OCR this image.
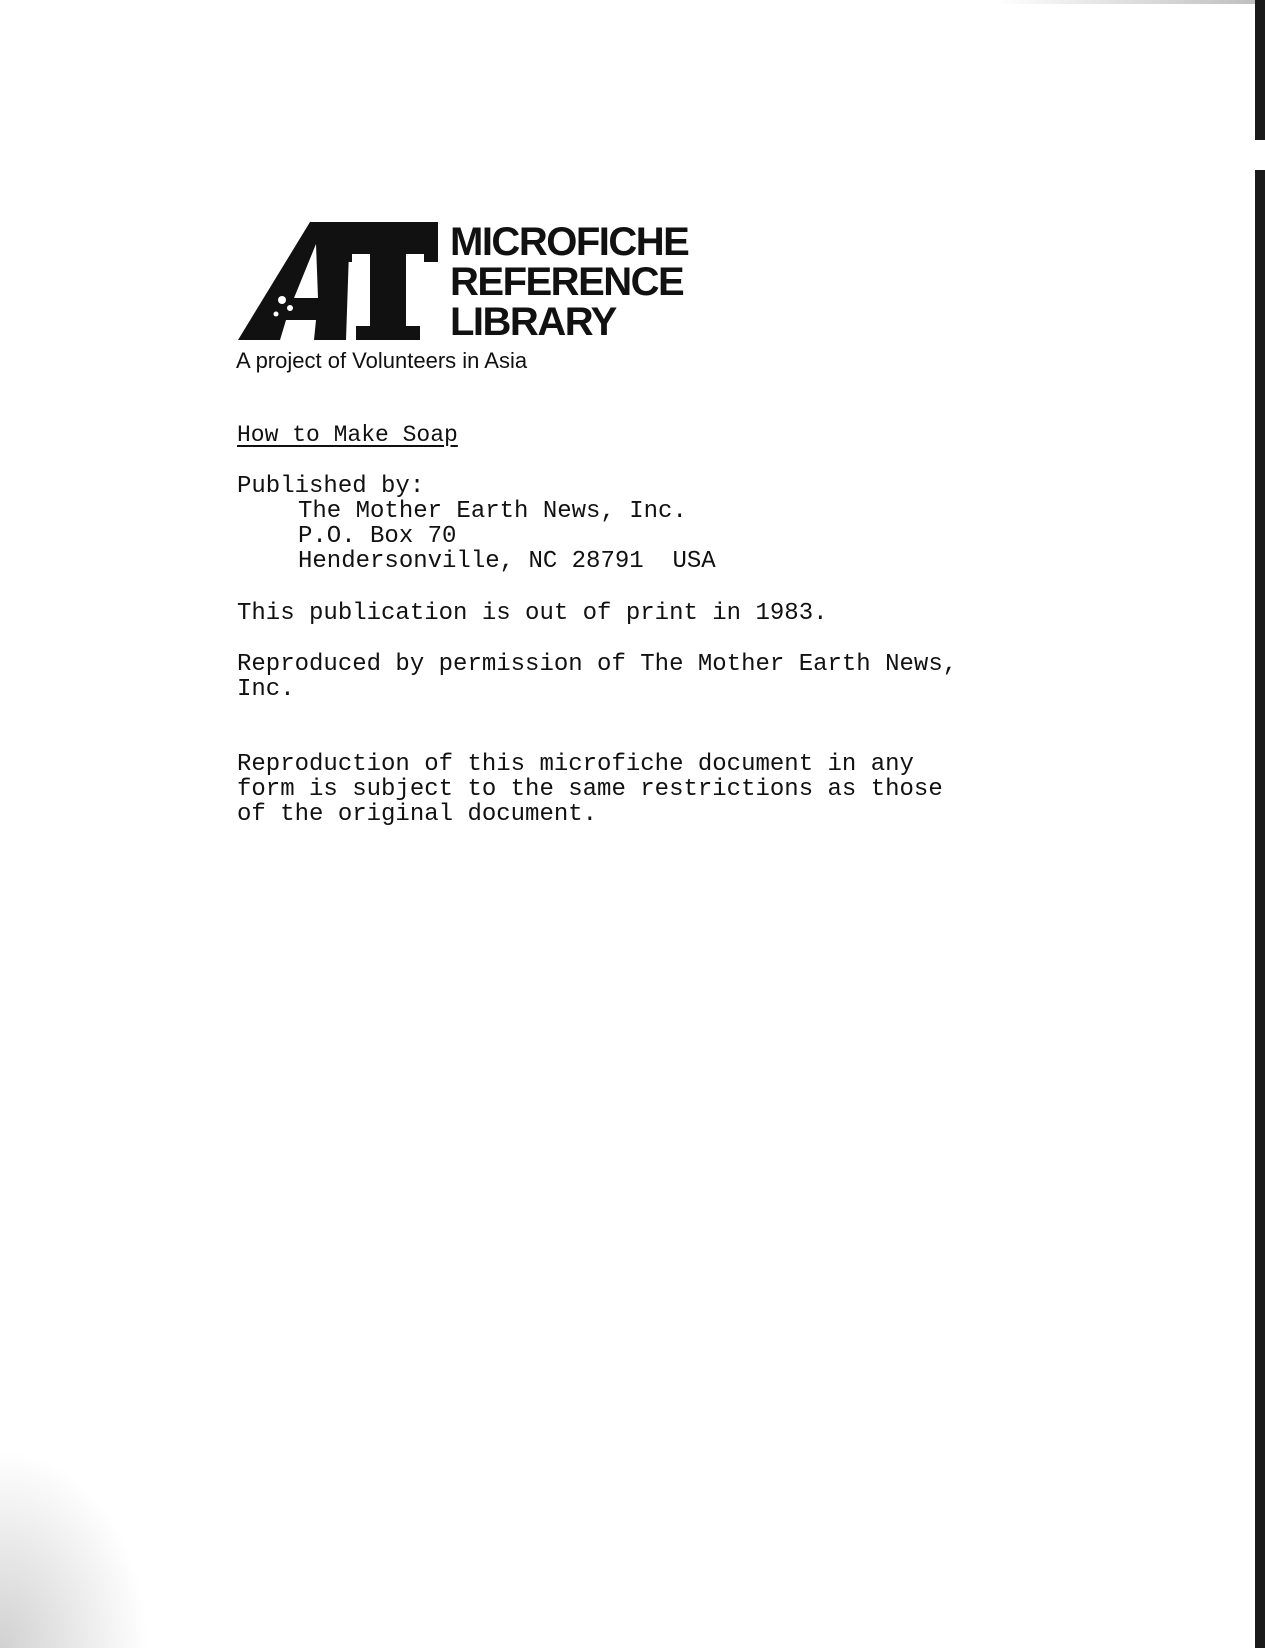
MICROFICHE
REFERENCE
LIBRARY
A project of Volunteers in Asia
How to Make Soap
Published by:
The Mother Earth News, Inc.
P.O. Box 70
Hendersonville, NC 28791  USA
This publication is out of print in 1983.
Reproduced by permission of The Mother Earth News,
Inc.
Reproduction of this microfiche document in any
form is subject to the same restrictions as those
of the original document.
